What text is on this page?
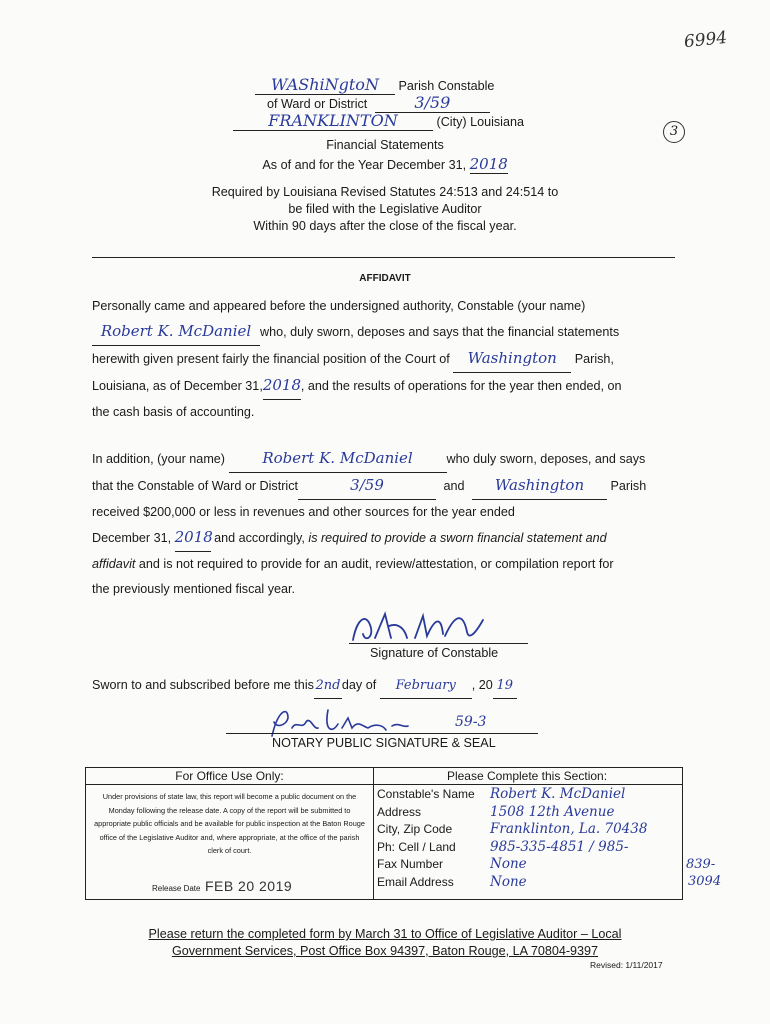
6994
3
WAShiNgtoN Parish Constable
of Ward or District	3/59
FRANKLINTON	(City) Louisiana
Financial Statements
As of and for the Year December 31, 2018
Required by Louisiana Revised Statutes 24:513 and 24:514 to
be filed with the Legislative Auditor
Within 90 days after the close of the fiscal year.
AFFIDAVIT
Personally came and appeared before the undersigned authority, Constable (your name)
Robert K. McDaniel who, duly sworn, deposes and says that the financial statements
herewith given present fairly the financial position of the Court of Washington Parish,
Louisiana, as of December 31,2018, and the results of operations for the year then ended, on
the cash basis of accounting.
In addition, (your name) Robert K. McDaniel	who duly sworn, deposes, and says
that the Constable of Ward or District	3/59	and Washington Parish
received $200,000 or less in revenues and other sources for the year ended
December 31, 2018 and accordingly, is required to provide a sworn financial statement and
affidavit and is not required to provide for an audit, review/attestation, or compilation report for
the previously mentioned fiscal year.
Signature of Constable
Sworn to and subscribed before me this 2nd day of February , 20 19
59-3
NOTARY PUBLIC SIGNATURE & SEAL
For Office Use Only:
Under provisions of state law, this report will become a public document on the Monday following the release date. A copy of the report will be submitted to appropriate public officials and be available for public inspection at the Baton Rouge office of the Legislative Auditor and, where appropriate, at the office of the parish clerk of court.
Release Date FEB 20 2019
Please Complete this Section:
Constable's Name	Robert K. McDaniel
Address	1508 12th Avenue
City, Zip Code	Franklinton, La. 70438
Ph: Cell / Land	985-335-4851 / 985-
Fax Number	None
Email Address	None
839-
3094
Please return the completed form by March 31 to Office of Legislative Auditor – Local
Government Services, Post Office Box 94397, Baton Rouge, LA 70804-9397
Revised: 1/11/2017
